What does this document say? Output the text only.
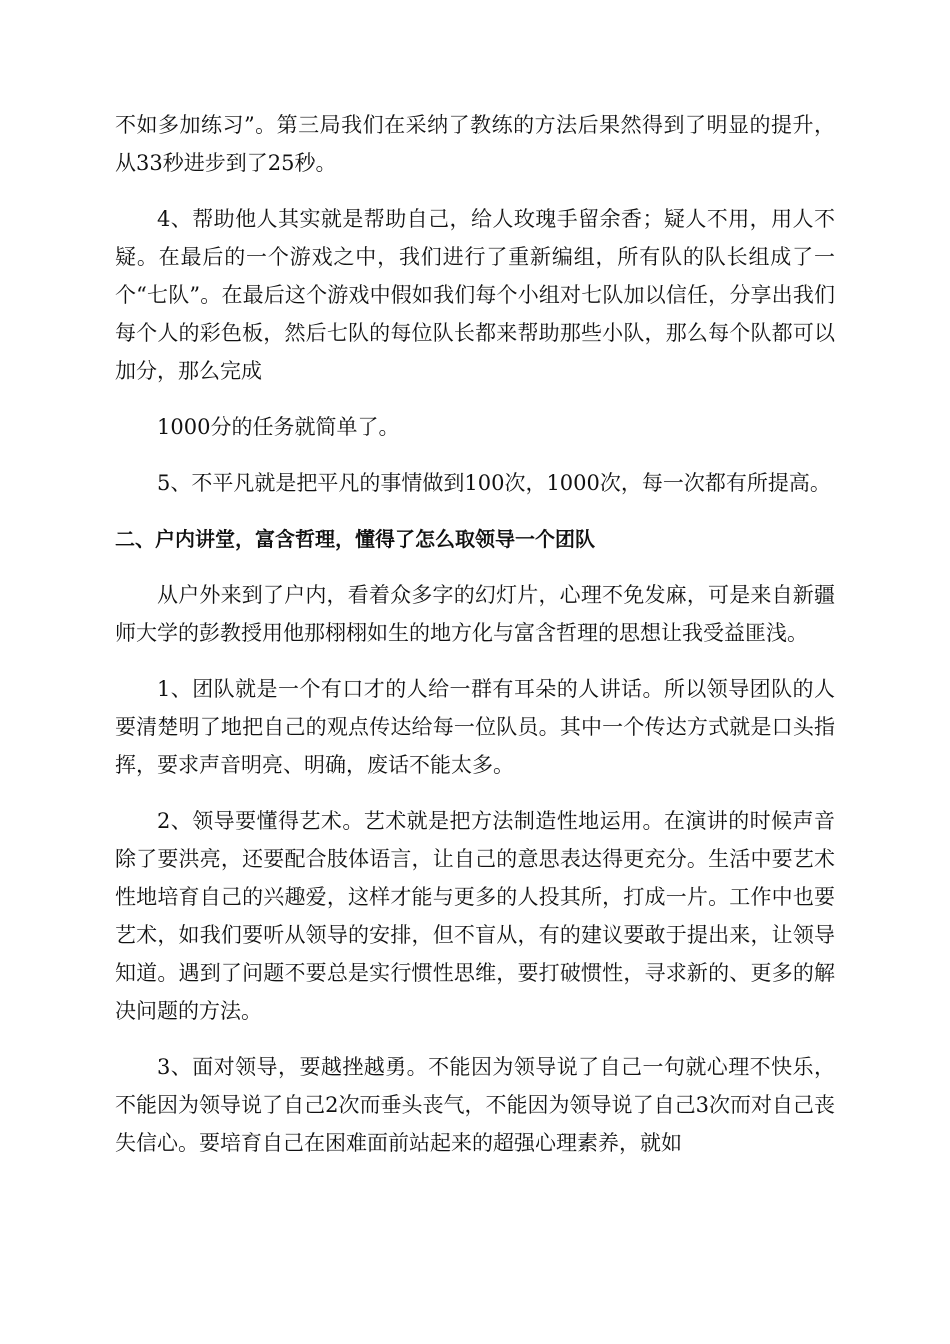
不如多加练习”。第三局我们在采纳了教练的方法后果然得到了明显的提升，从33秒进步到了25秒。

4、帮助他人其实就是帮助自己，给人玫瑰手留余香；疑人不用，用人不疑。在最后的一个游戏之中，我们进行了重新编组，所有队的队长组成了一个“七队”。在最后这个游戏中假如我们每个小组对七队加以信任，分享出我们每个人的彩色板，然后七队的每位队长都来帮助那些小队，那么每个队都可以加分，那么完成

1000分的任务就简单了。

5、不平凡就是把平凡的事情做到100次，1000次，每一次都有所提高。

二、户内讲堂，富含哲理，懂得了怎么取领导一个团队

从户外来到了户内，看着众多字的幻灯片，心理不免发麻，可是来自新疆师大学的彭教授用他那栩栩如生的地方化与富含哲理的思想让我受益匪浅。

1、团队就是一个有口才的人给一群有耳朵的人讲话。所以领导团队的人要清楚明了地把自己的观点传达给每一位队员。其中一个传达方式就是口头指挥，要求声音明亮、明确，废话不能太多。

2、领导要懂得艺术。艺术就是把方法制造性地运用。在演讲的时候声音除了要洪亮，还要配合肢体语言，让自己的意思表达得更充分。生活中要艺术性地培育自己的兴趣爱，这样才能与更多的人投其所，打成一片。工作中也要艺术，如我们要听从领导的安排，但不盲从，有的建议要敢于提出来，让领导知道。遇到了问题不要总是实行惯性思维，要打破惯性，寻求新的、更多的解决问题的方法。

3、面对领导，要越挫越勇。不能因为领导说了自己一句就心理不快乐，不能因为领导说了自己2次而垂头丧气，不能因为领导说了自己3次而对自己丧失信心。要培育自己在困难面前站起来的超强心理素养，就如
